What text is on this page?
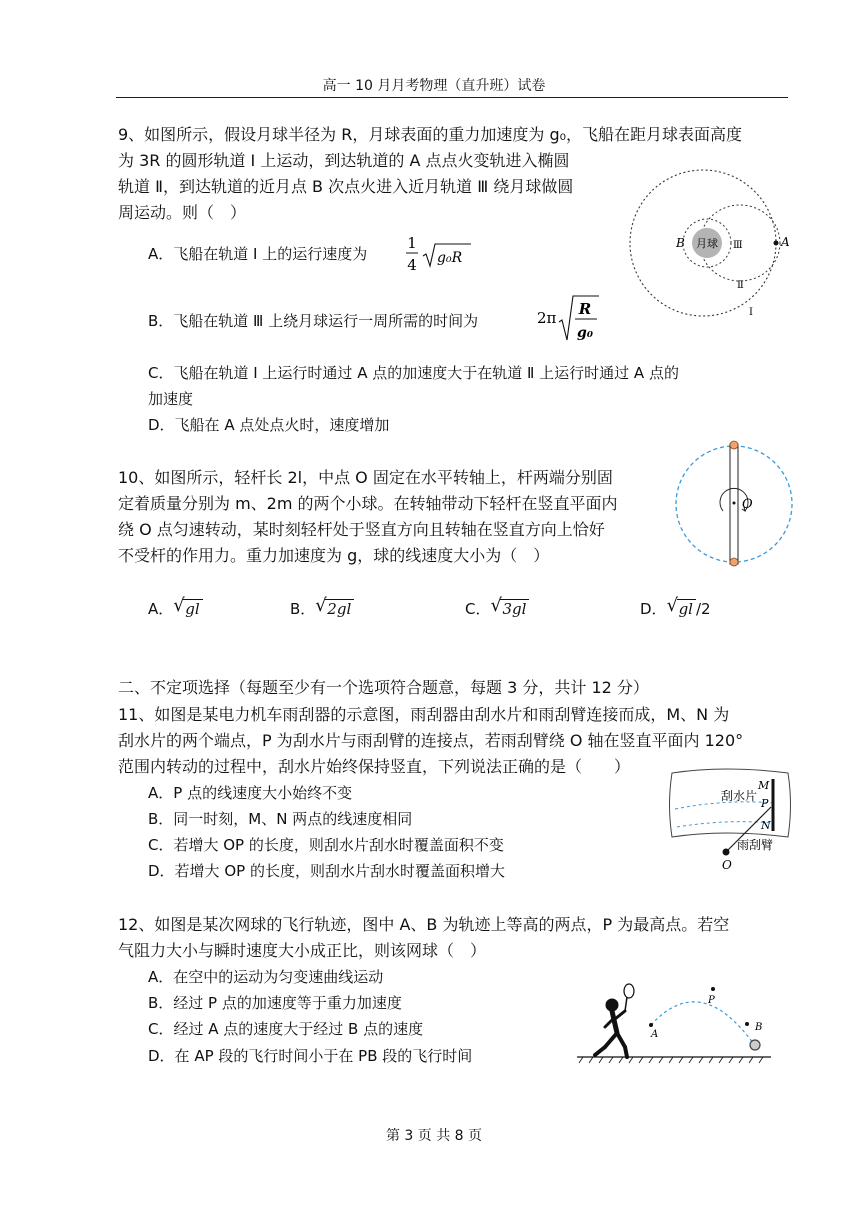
高一 10 月月考物理（直升班）试卷
9、如图所示，假设月球半径为 R，月球表面的重力加速度为 g₀，飞船在距月球表面高度
为 3R 的圆形轨道 Ⅰ 上运动，到达轨道的 A 点点火变轨进入椭圆
轨道 Ⅱ，到达轨道的近月点 B 次点火进入近月轨道 Ⅲ 绕月球做圆
周运动。则（　）
A．飞船在轨道 Ⅰ 上的运行速度为
1
4 g₀R
B．飞船在轨道 Ⅲ 上绕月球运行一周所需的时间为	2π R
g₀
C．飞船在轨道 Ⅰ 上运行时通过 A 点的加速度大于在轨道 Ⅱ 上运行时通过 A 点的
加速度
D．飞船在 A 点处点火时，速度增加
B 月球 Ⅲ	A
Ⅱ
Ⅰ
10、如图所示，轻杆长 2l，中点 O 固定在水平转轴上，杆两端分别固
定着质量分别为 m、2m 的两个小球。在转轴带动下轻杆在竖直平面内
绕 O 点匀速转动，某时刻轻杆处于竖直方向且转轴在竖直方向上恰好
不受杆的作用力。重力加速度为 g，球的线速度大小为（　）
A． √ gl	B． √ 2gl	C． √ 3gl	D． √ gl /2
O
二、不定项选择（每题至少有一个选项符合题意，每题 3 分，共计 12 分）
11、如图是某电力机车雨刮器的示意图，雨刮器由刮水片和雨刮臂连接而成，M、N 为
刮水片的两个端点，P 为刮水片与雨刮臂的连接点，若雨刮臂绕 O 轴在竖直平面内 120°
范围内转动的过程中，刮水片始终保持竖直，下列说法正确的是（　　）
A．P 点的线速度大小始终不变
B．同一时刻，M、N 两点的线速度相同
C．若增大 OP 的长度，则刮水片刮水时覆盖面积不变
D．若增大 OP 的长度，则刮水片刮水时覆盖面积增大
M
P
N
刮水片
雨刮臂
O
12、如图是某次网球的飞行轨迹，图中 A、B 为轨迹上等高的两点，P 为最高点。若空
气阻力大小与瞬时速度大小成正比，则该网球（　）
A．在空中的运动为匀变速曲线运动
B．经过 P 点的加速度等于重力加速度
C．经过 A 点的速度大于经过 B 点的速度
D．在 AP 段的飞行时间小于在 PB 段的飞行时间
A
P
B
第 3 页 共 8 页
